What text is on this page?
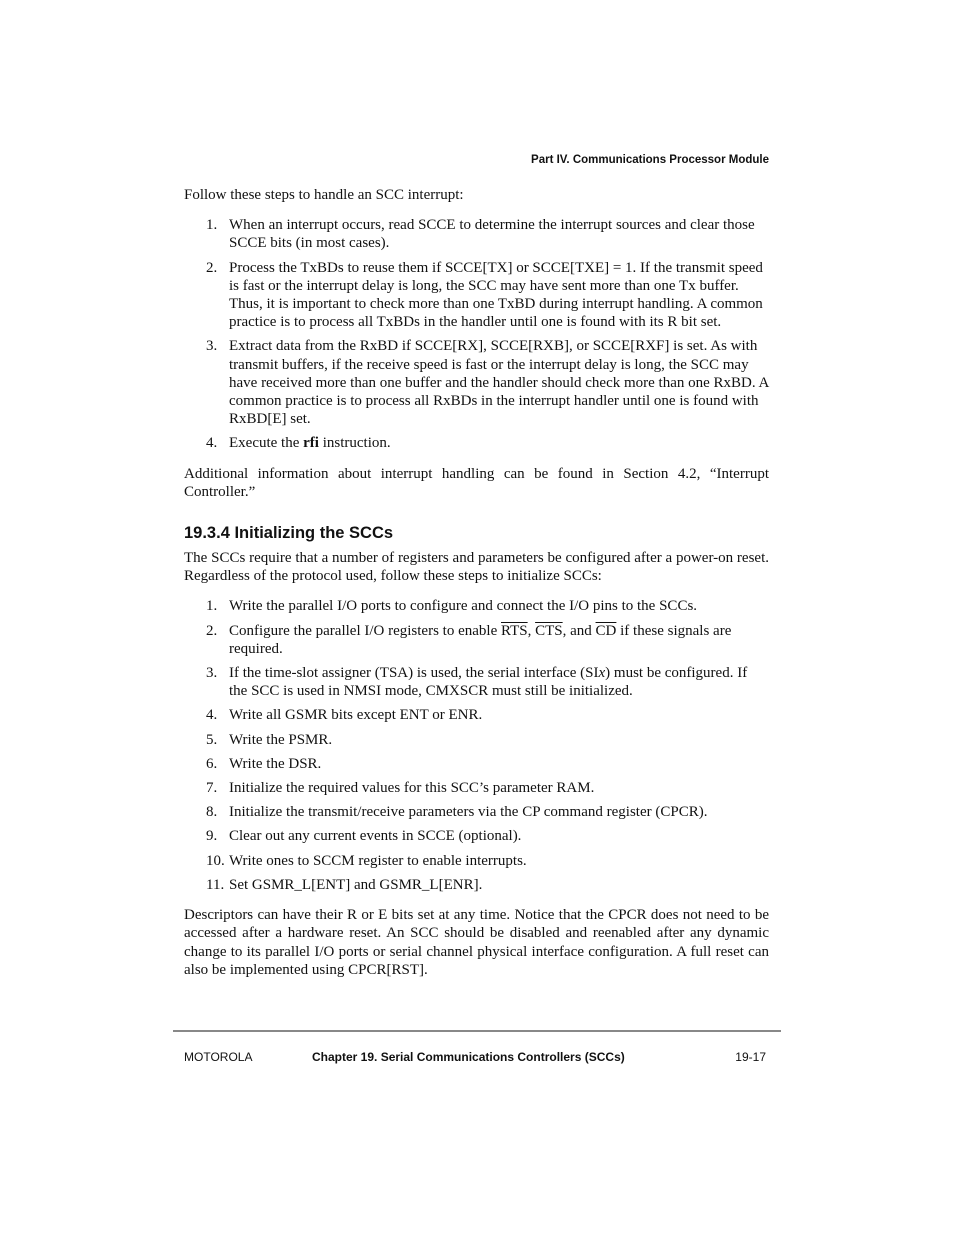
Part IV. Communications Processor Module

Follow these steps to handle an SCC interrupt:

1. When an interrupt occurs, read SCCE to determine the interrupt sources and clear those SCCE bits (in most cases).
2. Process the TxBDs to reuse them if SCCE[TX] or SCCE[TXE] = 1. If the transmit speed is fast or the interrupt delay is long, the SCC may have sent more than one Tx buffer. Thus, it is important to check more than one TxBD during interrupt handling. A common practice is to process all TxBDs in the handler until one is found with its R bit set.
3. Extract data from the RxBD if SCCE[RX], SCCE[RXB], or SCCE[RXF] is set. As with transmit buffers, if the receive speed is fast or the interrupt delay is long, the SCC may have received more than one buffer and the handler should check more than one RxBD. A common practice is to process all RxBDs in the interrupt handler until one is found with RxBD[E] set.
4. Execute the rfi instruction.

Additional information about interrupt handling can be found in Section 4.2, “Interrupt Controller.”

19.3.4 Initializing the SCCs

The SCCs require that a number of registers and parameters be configured after a power-on reset. Regardless of the protocol used, follow these steps to initialize SCCs:

1. Write the parallel I/O ports to configure and connect the I/O pins to the SCCs.
2. Configure the parallel I/O registers to enable $\overline{RTS}$, $\overline{CTS}$, and $\overline{CD}$ if these signals are required.
3. If the time-slot assigner (TSA) is used, the serial interface (SIx) must be configured. If the SCC is used in NMSI mode, CMXSCR must still be initialized.
4. Write all GSMR bits except ENT or ENR.
5. Write the PSMR.
6. Write the DSR.
7. Initialize the required values for this SCC’s parameter RAM.
8. Initialize the transmit/receive parameters via the CP command register (CPCR).
9. Clear out any current events in SCCE (optional).
10. Write ones to SCCM register to enable interrupts.
11. Set GSMR_L[ENT] and GSMR_L[ENR].

Descriptors can have their R or E bits set at any time. Notice that the CPCR does not need to be accessed after a hardware reset. An SCC should be disabled and reenabled after any dynamic change to its parallel I/O ports or serial channel physical interface configuration. A full reset can also be implemented using CPCR[RST].

MOTOROLA	Chapter 19. Serial Communications Controllers (SCCs)	19-17
